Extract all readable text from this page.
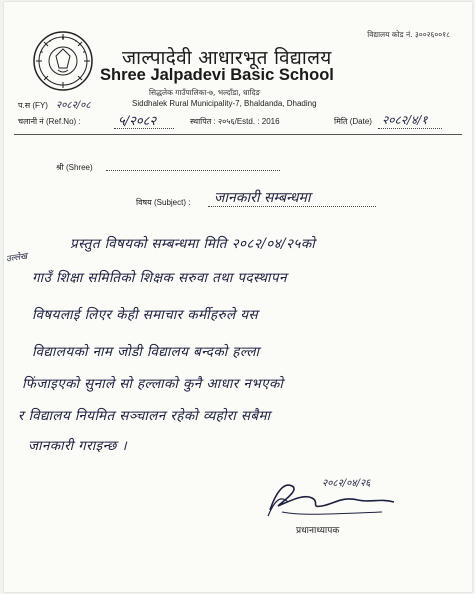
विद्यालय कोड नं. ३००२६००१८
जाल्पादेवी आधारभूत विद्यालय
Shree Jalpadevi Basic School
सिद्धलेक गाउँपालिका-७, भल्दाँडा, धादिङ
प.स (FY) २०८२/०८	Siddhalek Rural Municipality-7, Bhaldanda, Dhading
चलानी नं (Ref.No) :	५/२०८२	स्थापित : २०५६/Estd. : 2016	मिति (Date) २०८२/४/१
श्री (Shree)
विषय (Subject) : जानकारी सम्बन्धमा
उल्लेख
प्रस्तुत विषयको सम्बन्धमा मिति २०८२/०४/२५को
गाउँ शिक्षा समितिको शिक्षक सरुवा तथा पदस्थापन
विषयलाई लिएर केही समाचार कर्मीहरुले यस
विद्यालयको नाम जोडी विद्यालय बन्दको हल्ला
फिंजाइएको सुनाले सो हल्लाको कुनै आधार नभएको
र विद्यालय नियमित सञ्चालन रहेको व्यहोरा सबैमा
जानकारी गराइन्छ ।
२०८२/०४/२६
प्रधानाध्यापक
